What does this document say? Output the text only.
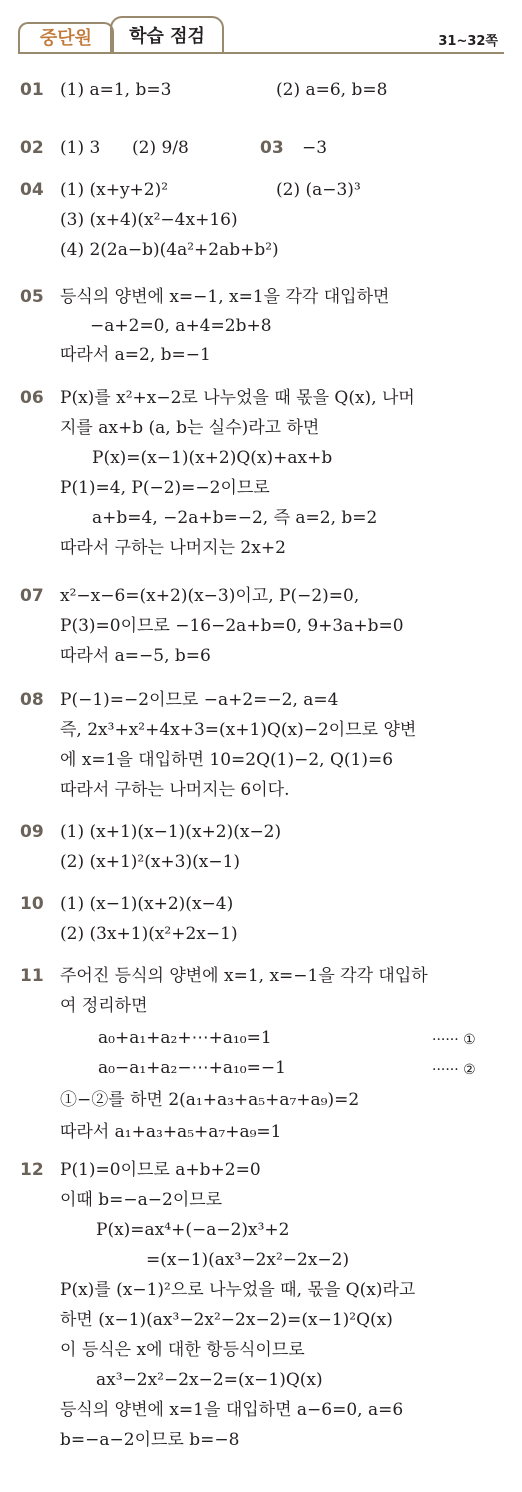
중단원	학습 점검	31~32쪽
01 (1) a=1, b=3	(2) a=6, b=8
02 (1) 3 (2) 9/8	03 −3
04 (1) (x+y+2)²	(2) (a−3)³
(3) (x+4)(x²−4x+16)
(4) 2(2a−b)(4a²+2ab+b²)
05 등식의 양변에 x=−1, x=1을 각각 대입하면
−a+2=0, a+4=2b+8
따라서 a=2, b=−1
06 P(x)를 x²+x−2로 나누었을 때 몫을 Q(x), 나머
지를 ax+b (a, b는 실수)라고 하면
P(x)=(x−1)(x+2)Q(x)+ax+b
P(1)=4, P(−2)=−2이므로
a+b=4, −2a+b=−2, 즉 a=2, b=2
따라서 구하는 나머지는 2x+2
07 x²−x−6=(x+2)(x−3)이고, P(−2)=0,
P(3)=0이므로 −16−2a+b=0, 9+3a+b=0
따라서 a=−5, b=6
08 P(−1)=−2이므로 −a+2=−2, a=4
즉, 2x³+x²+4x+3=(x+1)Q(x)−2이므로 양변
에 x=1을 대입하면 10=2Q(1)−2, Q(1)=6
따라서 구하는 나머지는 6이다.
09 (1) (x+1)(x−1)(x+2)(x−2)
(2) (x+1)²(x+3)(x−1)
10 (1) (x−1)(x+2)(x−4)
(2) (3x+1)(x²+2x−1)
11 주어진 등식의 양변에 x=1, x=−1을 각각 대입하
여 정리하면
a₀+a₁+a₂+⋯+a₁₀=1	······ ①
a₀−a₁+a₂−⋯+a₁₀=−1	······ ②
①−②를 하면 2(a₁+a₃+a₅+a₇+a₉)=2
따라서 a₁+a₃+a₅+a₇+a₉=1
12 P(1)=0이므로 a+b+2=0
이때 b=−a−2이므로
P(x)=ax⁴+(−a−2)x³+2
=(x−1)(ax³−2x²−2x−2)
P(x)를 (x−1)²으로 나누었을 때, 몫을 Q(x)라고
하면 (x−1)(ax³−2x²−2x−2)=(x−1)²Q(x)
이 등식은 x에 대한 항등식이므로
ax³−2x²−2x−2=(x−1)Q(x)
등식의 양변에 x=1을 대입하면 a−6=0, a=6
b=−a−2이므로 b=−8
